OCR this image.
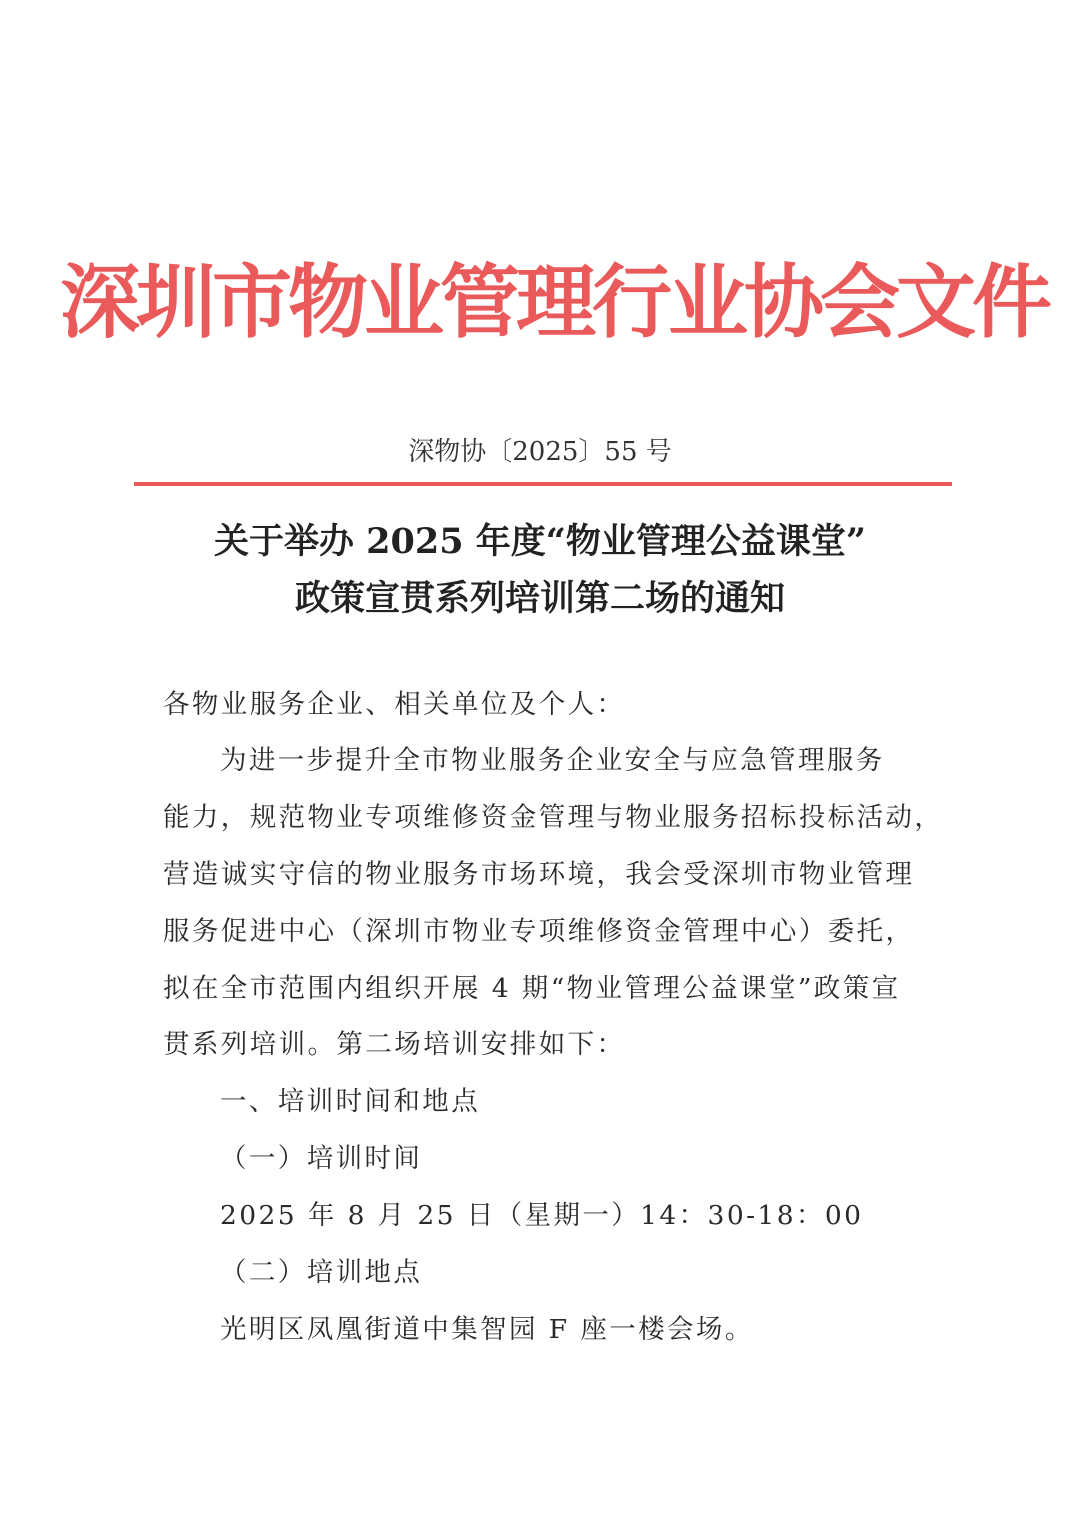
深圳市物业管理行业协会文件
深物协〔2025〕55 号
关于举办 2025 年度“物业管理公益课堂”
政策宣贯系列培训第二场的通知
各物业服务企业、相关单位及个人：
为进一步提升全市物业服务企业安全与应急管理服务
能力，规范物业专项维修资金管理与物业服务招标投标活动，
营造诚实守信的物业服务市场环境，我会受深圳市物业管理
服务促进中心（深圳市物业专项维修资金管理中心）委托，
拟在全市范围内组织开展 4 期“物业管理公益课堂”政策宣
贯系列培训。第二场培训安排如下：
一、培训时间和地点
（一）培训时间
2025 年 8 月 25 日（星期一）14：30-18：00
（二）培训地点
光明区凤凰街道中集智园 F 座一楼会场。
